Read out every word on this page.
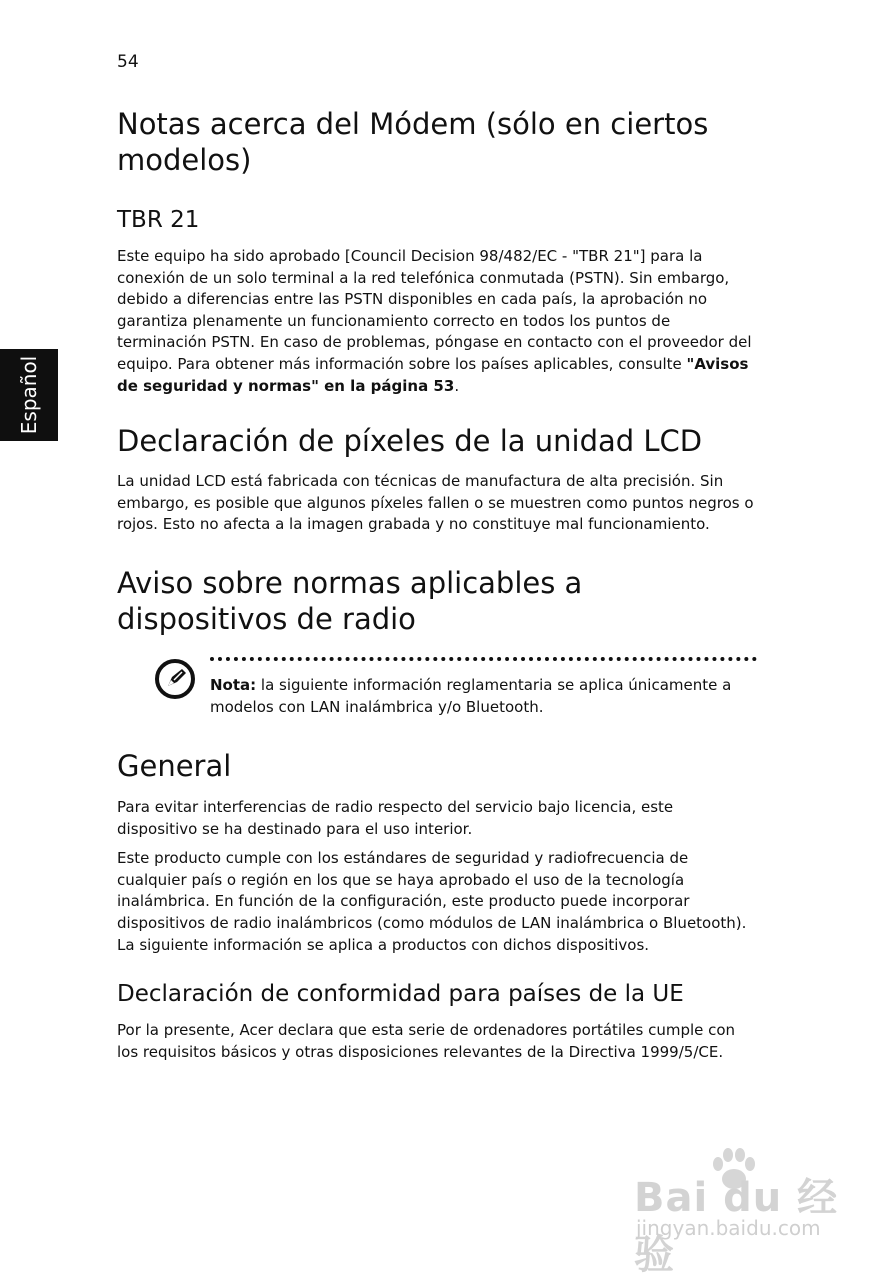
54
Español
Notas acerca del Módem (sólo en ciertos modelos)
TBR 21

Este equipo ha sido aprobado [Council Decision 98/482/EC - "TBR 21"] para la conexión de un solo terminal a la red telefónica conmutada (PSTN). Sin embargo, debido a diferencias entre las PSTN disponibles en cada país, la aprobación no garantiza plenamente un funcionamiento correcto en todos los puntos de terminación PSTN. En caso de problemas, póngase en contacto con el proveedor del equipo. Para obtener más información sobre los países aplicables, consulte "Avisos de seguridad y normas" en la página 53.

Declaración de píxeles de la unidad LCD

La unidad LCD está fabricada con técnicas de manufactura de alta precisión. Sin embargo, es posible que algunos píxeles fallen o se muestren como puntos negros o rojos. Esto no afecta a la imagen grabada y no constituye mal funcionamiento.

Aviso sobre normas aplicables a dispositivos de radio

Nota: la siguiente información reglamentaria se aplica únicamente a modelos con LAN inalámbrica y/o Bluetooth.

General

Para evitar interferencias de radio respecto del servicio bajo licencia, este dispositivo se ha destinado para el uso interior.

Este producto cumple con los estándares de seguridad y radiofrecuencia de cualquier país o región en los que se haya aprobado el uso de la tecnología inalámbrica. En función de la configuración, este producto puede incorporar dispositivos de radio inalámbricos (como módulos de LAN inalámbrica o Bluetooth). La siguiente información se aplica a productos con dichos dispositivos.

Declaración de conformidad para países de la UE

Por la presente, Acer declara que esta serie de ordenadores portátiles cumple con los requisitos básicos y otras disposiciones relevantes de la Directiva 1999/5/CE.

Bai du 经验
jingyan.baidu.com
